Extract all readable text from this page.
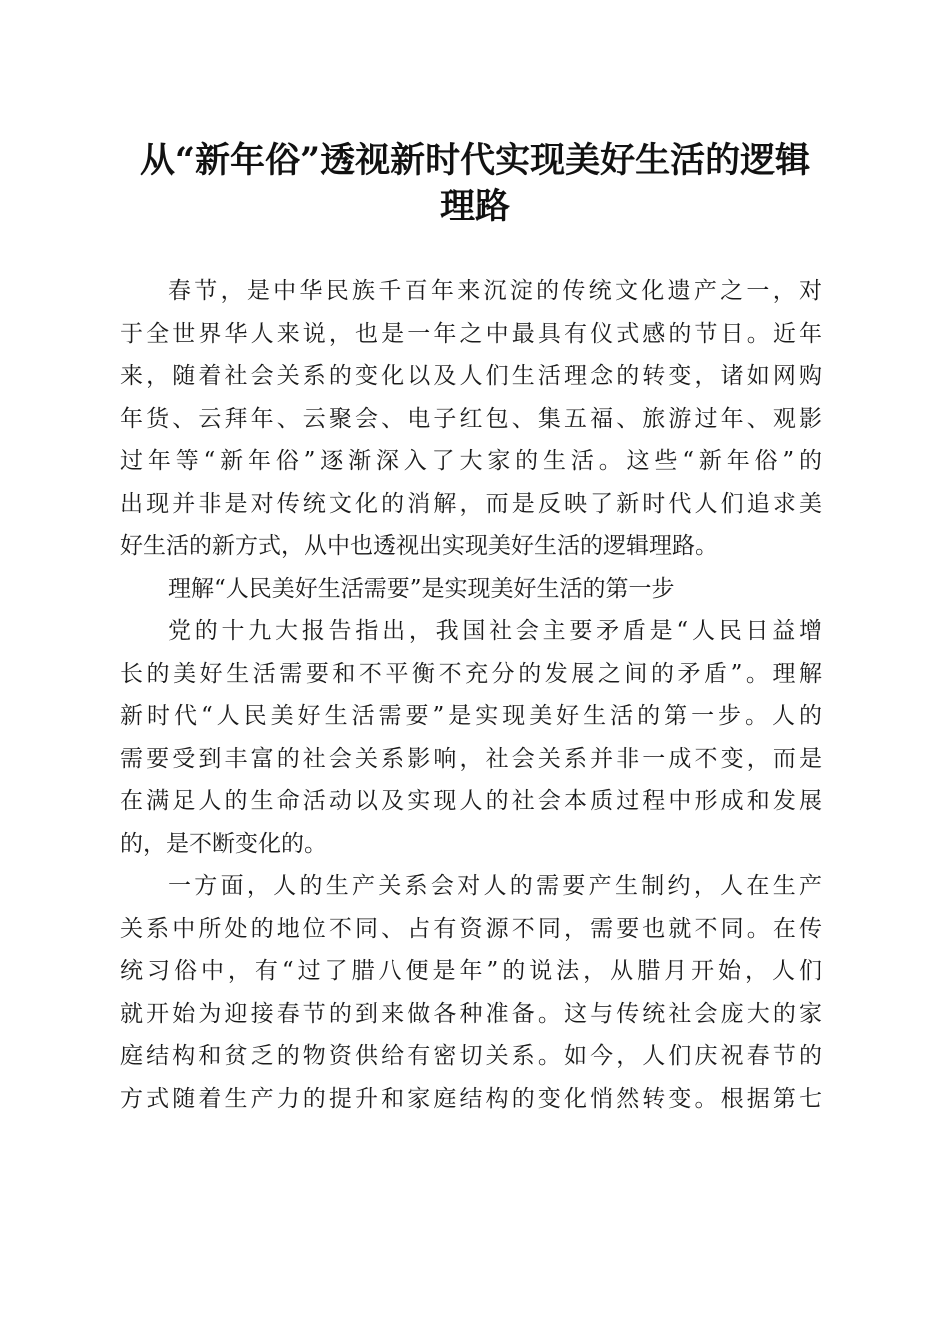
从“新年俗”透视新时代实现美好生活的逻辑
理路
春节，是中华民族千百年来沉淀的传统文化遗产之一，对
于全世界华人来说，也是一年之中最具有仪式感的节日。近年
来，随着社会关系的变化以及人们生活理念的转变，诸如网购
年货、云拜年、云聚会、电子红包、集五福、旅游过年、观影
过年等“新年俗”逐渐深入了大家的生活。这些“新年俗”的
出现并非是对传统文化的消解，而是反映了新时代人们追求美
好生活的新方式，从中也透视出实现美好生活的逻辑理路。
理解“人民美好生活需要”是实现美好生活的第一步
党的十九大报告指出，我国社会主要矛盾是“人民日益增
长的美好生活需要和不平衡不充分的发展之间的矛盾”。理解
新时代“人民美好生活需要”是实现美好生活的第一步。人的
需要受到丰富的社会关系影响，社会关系并非一成不变，而是
在满足人的生命活动以及实现人的社会本质过程中形成和发展
的，是不断变化的。
一方面，人的生产关系会对人的需要产生制约，人在生产
关系中所处的地位不同、占有资源不同，需要也就不同。在传
统习俗中，有“过了腊八便是年”的说法，从腊月开始，人们
就开始为迎接春节的到来做各种准备。这与传统社会庞大的家
庭结构和贫乏的物资供给有密切关系。如今，人们庆祝春节的
方式随着生产力的提升和家庭结构的变化悄然转变。根据第七
